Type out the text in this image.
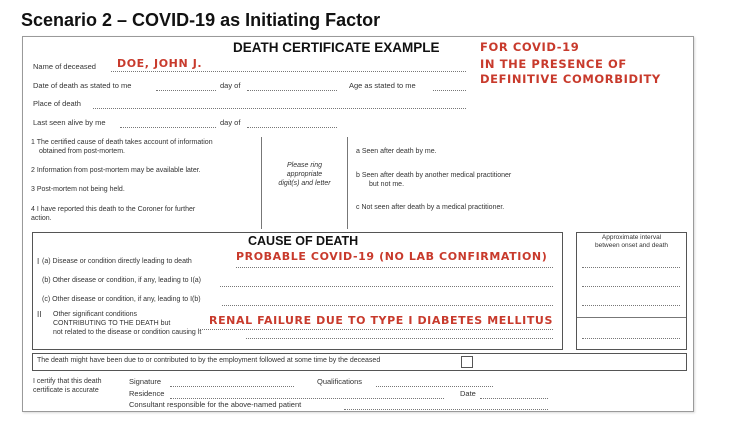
Scenario 2 – COVID-19 as Initiating Factor
DEATH CERTIFICATE EXAMPLE	FOR COVID-19
IN THE PRESENCE OF
DEFINITIVE COMORBIDITY
Name of deceased DOE, JOHN J.
Date of death as stated to me	day of	Age as stated to me
Place of death
Last seen alive by me	day of
1 The certified cause of death takes account of information
obtained from post-mortem.
2 Information from post-mortem may be available later.
3 Post-mortem not being held.
4 I have reported this death to the Coroner for further
action.
Please ring
appropriate
digit(s) and letter
a Seen after death by me.
b Seen after death by another medical practitioner
but not me.
c Not seen after death by a medical practitioner.
CAUSE OF DEATH
I (a) Disease or condition directly leading to death	PROBABLE COVID-19 (NO LAB CONFIRMATION)
(b) Other disease or condition, if any, leading to I(a)
(c) Other disease or condition, if any, leading to I(b)
II Other significant conditions
CONTRIBUTING TO THE DEATH but
not related to the disease or condition causing it
RENAL FAILURE DUE TO TYPE I DIABETES MELLITUS
Approximate interval
between onset and death
The death might have been due to or contributed to by the employment followed at some time by the deceased
I certify that this death
certificate is accurate
Signature	Qualifications
Residence	Date
Consultant responsible for the above-named patient
